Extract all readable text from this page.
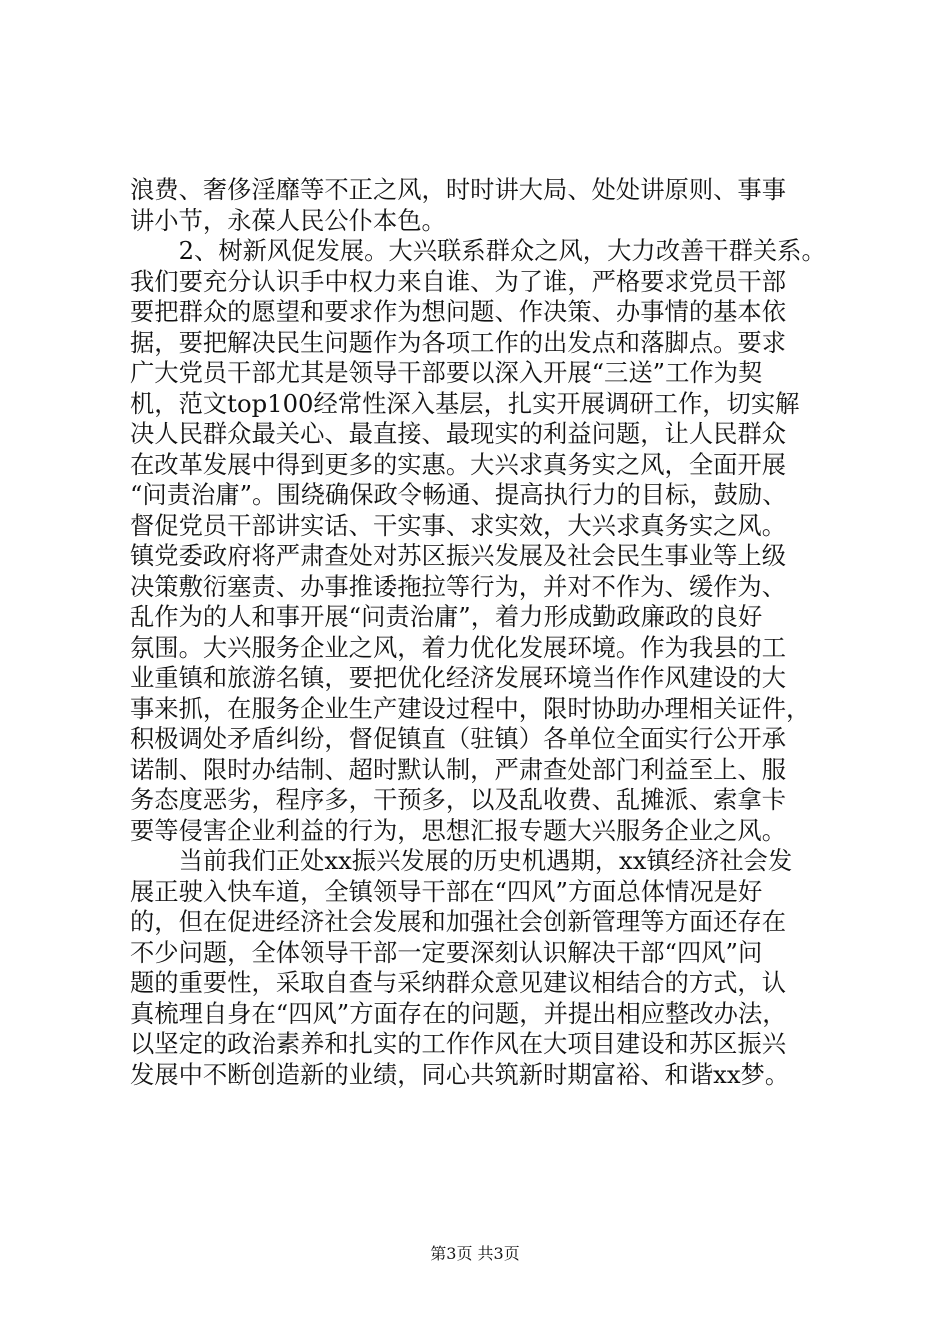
浪费、奢侈淫靡等不正之风，时时讲大局、处处讲原则、事事
讲小节，永葆人民公仆本色。
　　2、树新风促发展。大兴联系群众之风，大力改善干群关系。
我们要充分认识手中权力来自谁、为了谁，严格要求党员干部
要把群众的愿望和要求作为想问题、作决策、办事情的基本依
据，要把解决民生问题作为各项工作的出发点和落脚点。要求
广大党员干部尤其是领导干部要以深入开展“三送”工作为契
机，范文top100经常性深入基层，扎实开展调研工作，切实解
决人民群众最关心、最直接、最现实的利益问题，让人民群众
在改革发展中得到更多的实惠。大兴求真务实之风，全面开展
“问责治庸”。围绕确保政令畅通、提高执行力的目标，鼓励、
督促党员干部讲实话、干实事、求实效，大兴求真务实之风。
镇党委政府将严肃查处对苏区振兴发展及社会民生事业等上级
决策敷衍塞责、办事推诿拖拉等行为，并对不作为、缓作为、
乱作为的人和事开展“问责治庸”，着力形成勤政廉政的良好
氛围。大兴服务企业之风，着力优化发展环境。作为我县的工
业重镇和旅游名镇，要把优化经济发展环境当作作风建设的大
事来抓，在服务企业生产建设过程中，限时协助办理相关证件，
积极调处矛盾纠纷，督促镇直（驻镇）各单位全面实行公开承
诺制、限时办结制、超时默认制，严肃查处部门利益至上、服
务态度恶劣，程序多，干预多，以及乱收费、乱摊派、索拿卡
要等侵害企业利益的行为，思想汇报专题大兴服务企业之风。
　　当前我们正处xx振兴发展的历史机遇期，xx镇经济社会发
展正驶入快车道，全镇领导干部在“四风”方面总体情况是好
的，但在促进经济社会发展和加强社会创新管理等方面还存在
不少问题，全体领导干部一定要深刻认识解决干部“四风”问
题的重要性，采取自查与采纳群众意见建议相结合的方式，认
真梳理自身在“四风”方面存在的问题，并提出相应整改办法，
以坚定的政治素养和扎实的工作作风在大项目建设和苏区振兴
发展中不断创造新的业绩，同心共筑新时期富裕、和谐xx梦。
第3页 共3页
